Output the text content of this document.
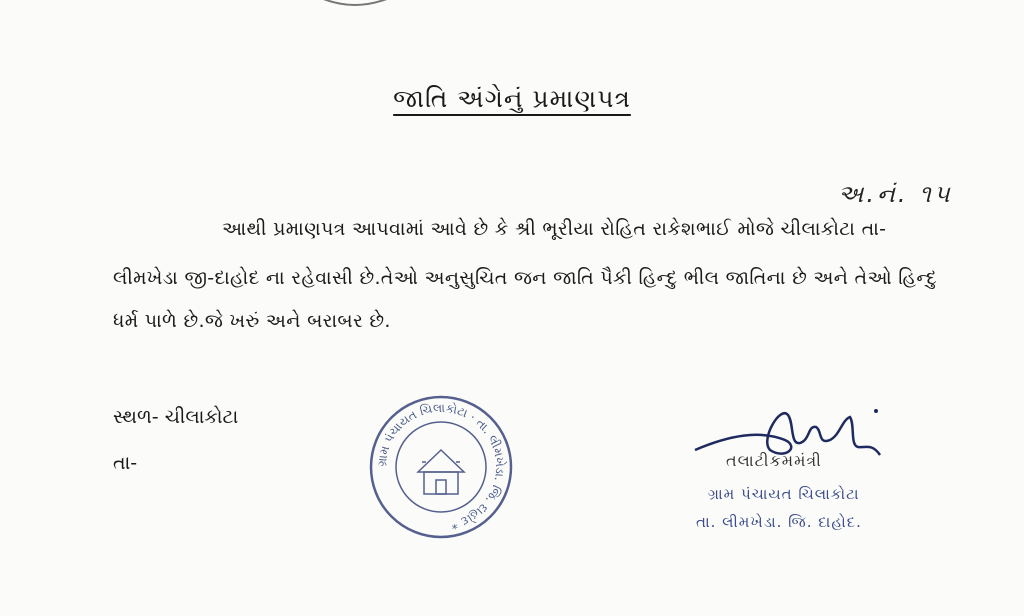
જાતિ અંગેનું પ્રમાણપત્ર
અ.નં. ૧૫
આથી પ્રમાણપત્ર આપવામાં આવે છે કે શ્રી ભૂરીયા રોહિત રાકેશભાઈ મોજે ચીલાકોટા તા-
લીમખેડા જી-દાહોદ ના રહેવાસી છે.તેઓ અનુસુચિત જન જાતિ પૈકી હિન્દુ ભીલ જાતિના છે અને તેઓ હિન્દુ
ધર્મ પાળે છે.જે ખરું અને બરાબર છે.
સ્થળ- ચીલાકોટા
તા-	ગ્રામ પંચાયત ચિલાકોટા · તા. લીમખેડા. જિ. દાહોદ *
તલાટીકમમંત્રી
ગ્રામ પંચાયત ચિલાકોટા
તા. લીમખેડા. જિ. દાહોદ.
